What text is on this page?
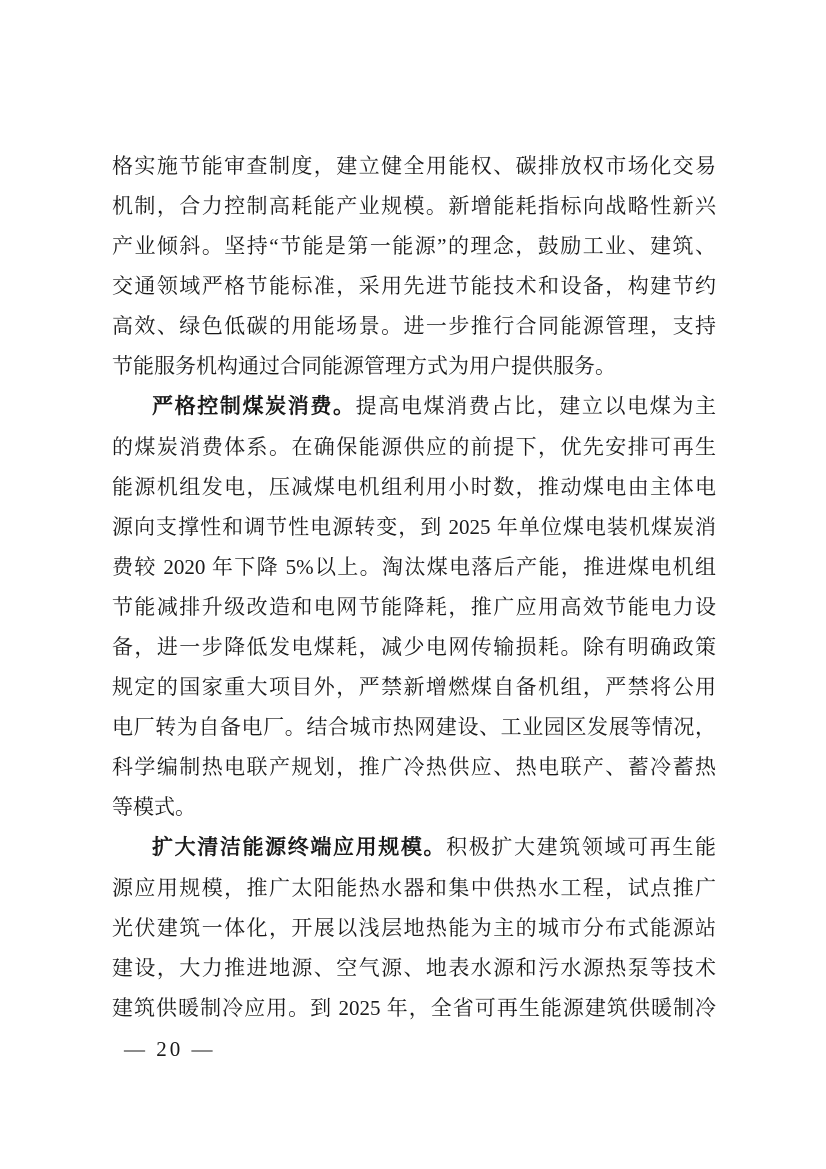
格实施节能审查制度，建立健全用能权、碳排放权市场化交易
机制，合力控制高耗能产业规模。新增能耗指标向战略性新兴
产业倾斜。坚持“节能是第一能源”的理念，鼓励工业、建筑、
交通领域严格节能标准，采用先进节能技术和设备，构建节约
高效、绿色低碳的用能场景。进一步推行合同能源管理，支持
节能服务机构通过合同能源管理方式为用户提供服务。

严格控制煤炭消费。提高电煤消费占比，建立以电煤为主
的煤炭消费体系。在确保能源供应的前提下，优先安排可再生
能源机组发电，压减煤电机组利用小时数，推动煤电由主体电
源向支撑性和调节性电源转变，到 2025 年单位煤电装机煤炭消
费较 2020 年下降 5%以上。淘汰煤电落后产能，推进煤电机组
节能减排升级改造和电网节能降耗，推广应用高效节能电力设
备，进一步降低发电煤耗，减少电网传输损耗。除有明确政策
规定的国家重大项目外，严禁新增燃煤自备机组，严禁将公用
电厂转为自备电厂。结合城市热网建设、工业园区发展等情况，
科学编制热电联产规划，推广冷热供应、热电联产、蓄冷蓄热
等模式。

扩大清洁能源终端应用规模。积极扩大建筑领域可再生能
源应用规模，推广太阳能热水器和集中供热水工程，试点推广
光伏建筑一体化，开展以浅层地热能为主的城市分布式能源站
建设，大力推进地源、空气源、地表水源和污水源热泵等技术
建筑供暖制冷应用。到 2025 年，全省可再生能源建筑供暖制冷

— 20 —
